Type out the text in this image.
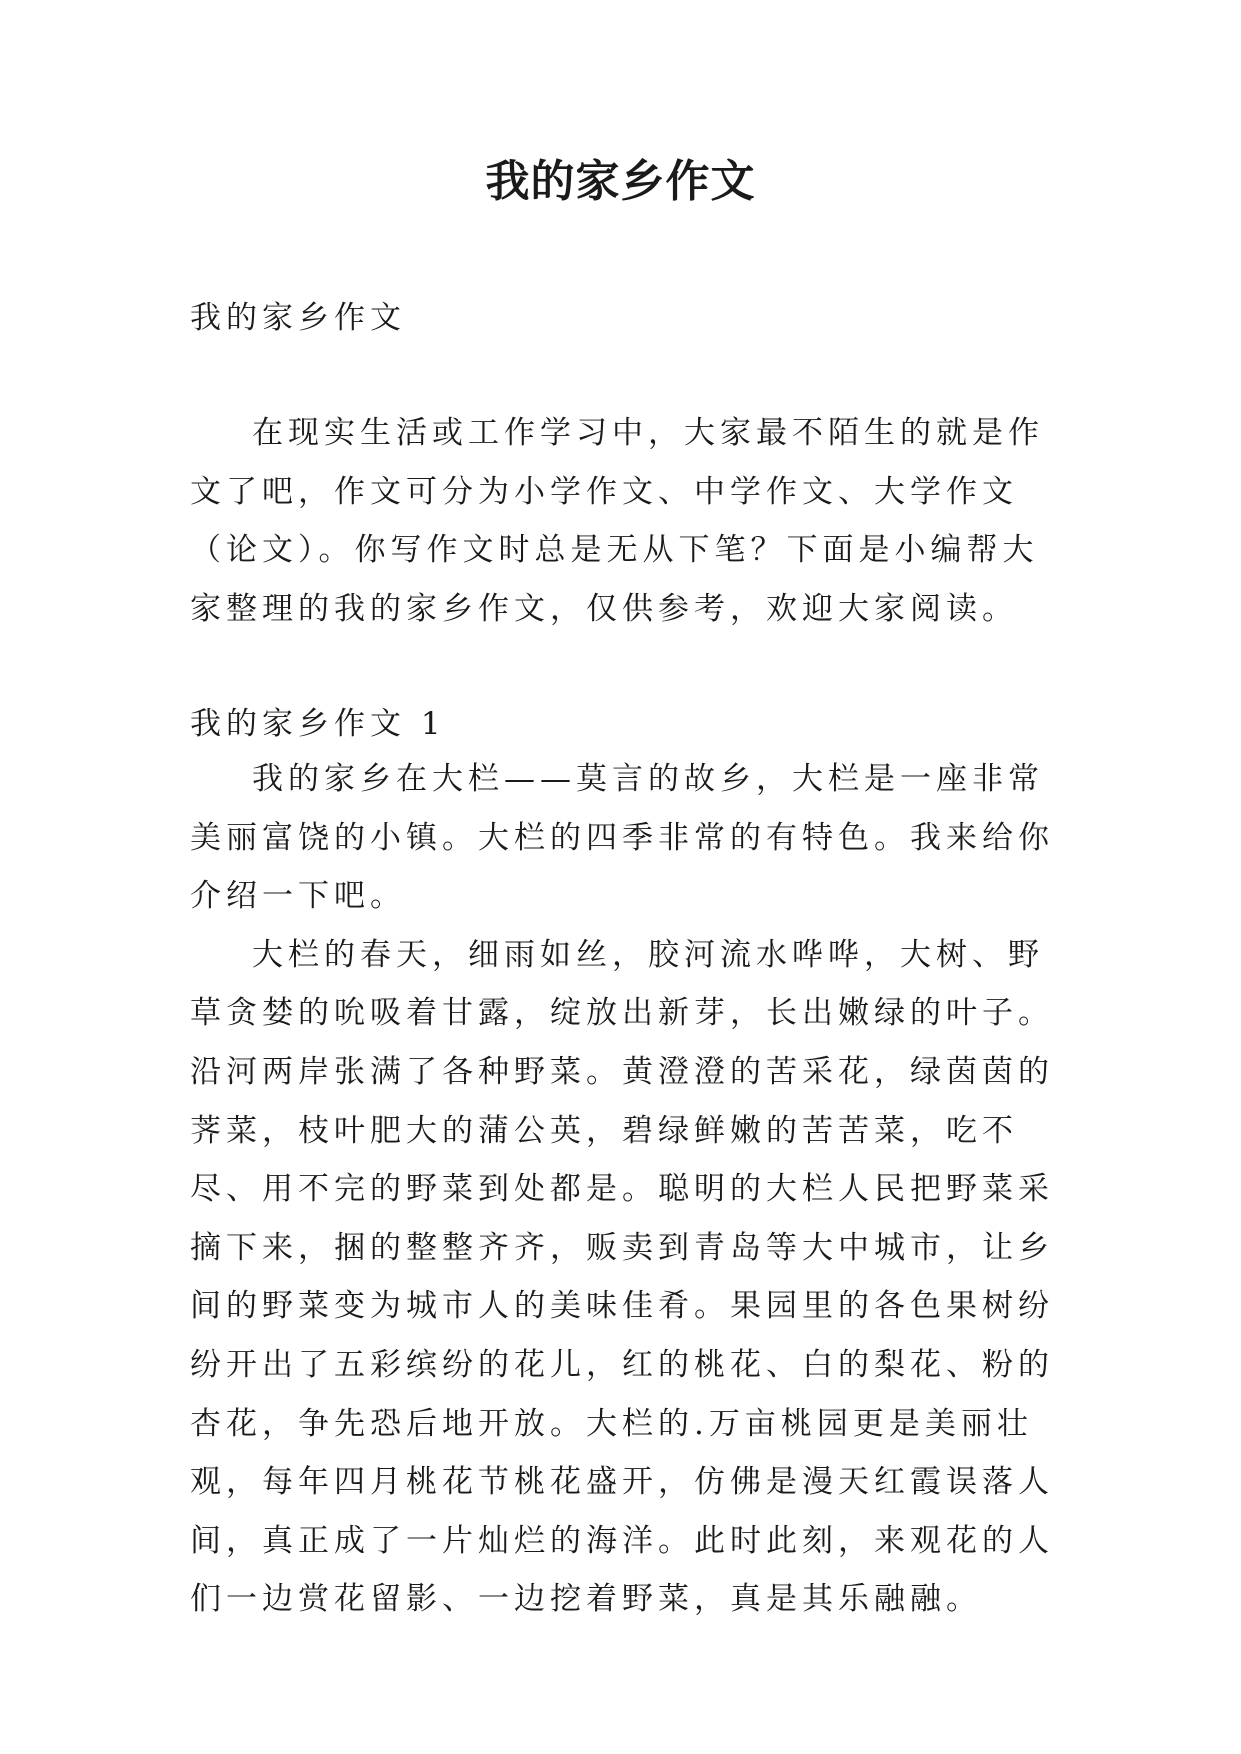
我的家乡作文
我的家乡作文
在现实生活或工作学习中，大家最不陌生的就是作文了吧，作文可分为小学作文、中学作文、大学作文（论文）。你写作文时总是无从下笔？下面是小编帮大家整理的我的家乡作文，仅供参考，欢迎大家阅读。
我的家乡作文 1

我的家乡在大栏——莫言的故乡，大栏是一座非常美丽富饶的小镇。大栏的四季非常的有特色。我来给你介绍一下吧。

大栏的春天，细雨如丝，胶河流水哗哗，大树、野草贪婪的吮吸着甘露，绽放出新芽，长出嫩绿的叶子。沿河两岸张满了各种野菜。黄澄澄的苦采花，绿茵茵的荠菜，枝叶肥大的蒲公英，碧绿鲜嫩的苦苦菜，吃不尽、用不完的野菜到处都是。聪明的大栏人民把野菜采摘下来，捆的整整齐齐，贩卖到青岛等大中城市，让乡间的野菜变为城市人的美味佳肴。果园里的各色果树纷纷开出了五彩缤纷的花儿，红的桃花、白的梨花、粉的杏花，争先恐后地开放。大栏的.万亩桃园更是美丽壮观，每年四月桃花节桃花盛开，仿佛是漫天红霞误落人间，真正成了一片灿烂的海洋。此时此刻，来观花的人们一边赏花留影、一边挖着野菜，真是其乐融融。
